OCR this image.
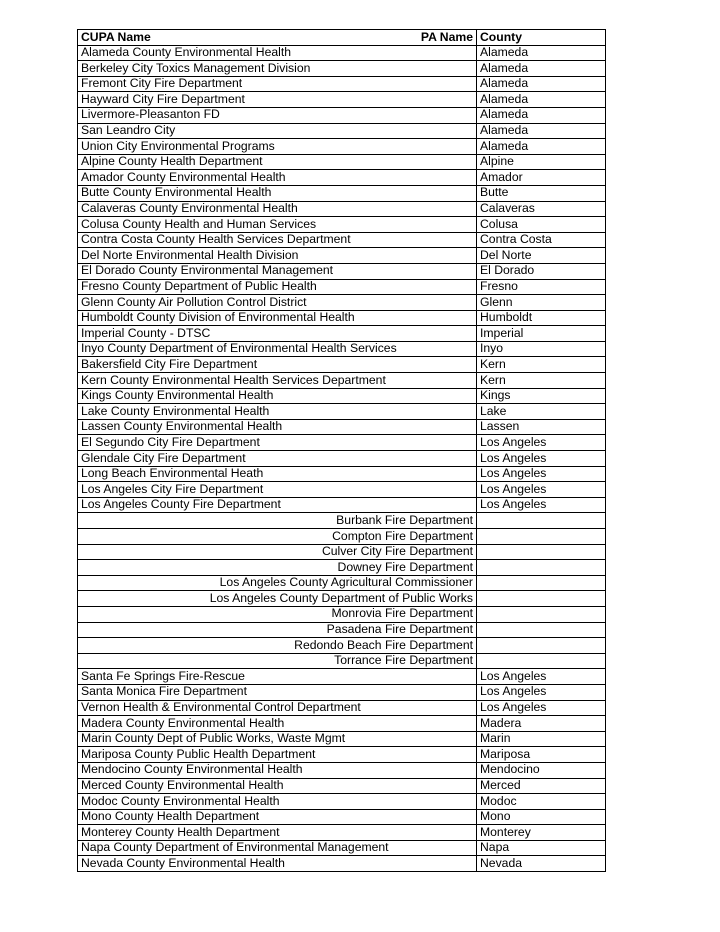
CUPA Name PA Name	County
Alameda County Environmental Health	Alameda
Berkeley City Toxics Management Division	Alameda
Fremont City Fire Department	Alameda
Hayward City Fire Department	Alameda
Livermore-Pleasanton FD	Alameda
San Leandro City	Alameda
Union City Environmental Programs	Alameda
Alpine County Health Department	Alpine
Amador County Environmental Health	Amador
Butte County Environmental Health	Butte
Calaveras County Environmental Health	Calaveras
Colusa County Health and Human Services	Colusa
Contra Costa County Health Services Department	Contra Costa
Del Norte Environmental Health Division	Del Norte
El Dorado County Environmental Management	El Dorado
Fresno County Department of Public Health	Fresno
Glenn County Air Pollution Control District	Glenn
Humboldt County Division of Environmental Health	Humboldt
Imperial County - DTSC	Imperial
Inyo County Department of Environmental Health Services	Inyo
Bakersfield City Fire Department	Kern
Kern County Environmental Health Services Department	Kern
Kings County Environmental Health	Kings
Lake County Environmental Health	Lake
Lassen County Environmental Health	Lassen
El Segundo City Fire Department	Los Angeles
Glendale City Fire Department	Los Angeles
Long Beach Environmental Heath	Los Angeles
Los Angeles City Fire Department	Los Angeles
Los Angeles County Fire Department	Los Angeles
Burbank Fire Department	
Compton Fire Department	
Culver City Fire Department	
Downey Fire Department	
Los Angeles County Agricultural Commissioner	
Los Angeles County Department of Public Works	
Monrovia Fire Department	
Pasadena Fire Department	
Redondo Beach Fire Department	
Torrance Fire Department	
Santa Fe Springs Fire-Rescue	Los Angeles
Santa Monica Fire Department	Los Angeles
Vernon Health & Environmental Control Department	Los Angeles
Madera County Environmental Health	Madera
Marin County Dept of Public Works, Waste Mgmt	Marin
Mariposa County Public Health Department	Mariposa
Mendocino County Environmental Health	Mendocino
Merced County Environmental Health	Merced
Modoc County Environmental Health	Modoc
Mono County Health Department	Mono
Monterey County Health Department	Monterey
Napa County Department of Environmental Management	Napa
Nevada County Environmental Health	Nevada
